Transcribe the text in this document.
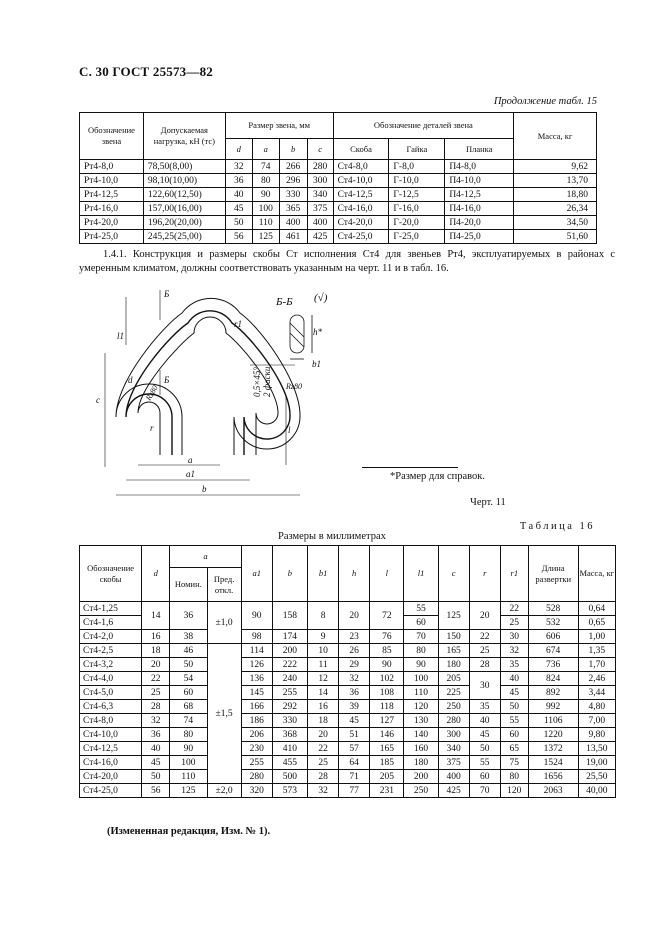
С. 30 ГОСТ 25573—82
Продолжение табл. 15
Обозначение звена	Допускаемая нагрузка, кН (тс)	Размер звена, мм				Обозначение деталей звена			Масса, кг
		d	a	b	c	Скоба	Гайка	Планка	
Рт4-8,0	78,50(8,00)	32	74	266	280	Ст4-8,0	Г-8,0	П4-8,0	9,62
Рт4-10,0	98,10(10,00)	36	80	296	300	Ст4-10,0	Г-10,0	П4-10,0	13,70
Рт4-12,5	122,60(12,50)	40	90	330	340	Ст4-12,5	Г-12,5	П4-12,5	18,80
Рт4-16,0	157,00(16,00)	45	100	365	375	Ст4-16,0	Г-16,0	П4-16,0	26,34
Рт4-20,0	196,20(20,00)	50	110	400	400	Ст4-20,0	Г-20,0	П4-20,0	34,50
Рт4-25,0	245,25(25,00)	56	125	461	425	Ст4-25,0	Г-25,0	П4-25,0	51,60
1.4.1. Конструкция и размеры скобы Ст исполнения Ст4 для звеньев Рт4, эксплуатируемых в районах с умеренным климатом, должны соответствовать указанным на черт. 11 и в табл. 16.
Б
Б
Б-Б (√)
r1
l1
c
d
a
a1
b
l
h*
b1
r
0,5×45° 2 фаски Rz80
Rz80
*Размер для справок.
Черт. 11
Таблица 16
Размеры в миллиметрах
Обозначение скобы	d	a		a1	b	b1	h	l	l1	c	r	r1	Длина развертки	Масса, кг
		Номин.	Пред. откл.											
Ст4-1,25	14	36	±1,0	90	158	8	20	72	55	125	20	22	528	0,64
Ст4-1,6									60			25	532	0,65
Ст4-2,0	16	38		98	174	9	23	76	70	150	22	30	606	1,00
Ст4-2,5	18	46	±1,5	114	200	10	26	85	80	165	25	32	674	1,35
Ст4-3,2	20	50		126	222	11	29	90	90	180	28	35	736	1,70
Ст4-4,0	22	54		136	240	12	32	102	100	205	30	40	824	2,46
Ст4-5,0	25	60		145	255	14	36	108	110	225		45	892	3,44
Ст4-6,3	28	68		166	292	16	39	118	120	250	35	50	992	4,80
Ст4-8,0	32	74		186	330	18	45	127	130	280	40	55	1106	7,00
Ст4-10,0	36	80		206	368	20	51	146	140	300	45	60	1220	9,80
Ст4-12,5	40	90		230	410	22	57	165	160	340	50	65	1372	13,50
Ст4-16,0	45	100		255	455	25	64	185	180	375	55	75	1524	19,00
Ст4-20,0	50	110		280	500	28	71	205	200	400	60	80	1656	25,50
Ст4-25,0	56	125	±2,0	320	573	32	77	231	250	425	70	120	2063	40,00
(Измененная редакция, Изм. № 1).
